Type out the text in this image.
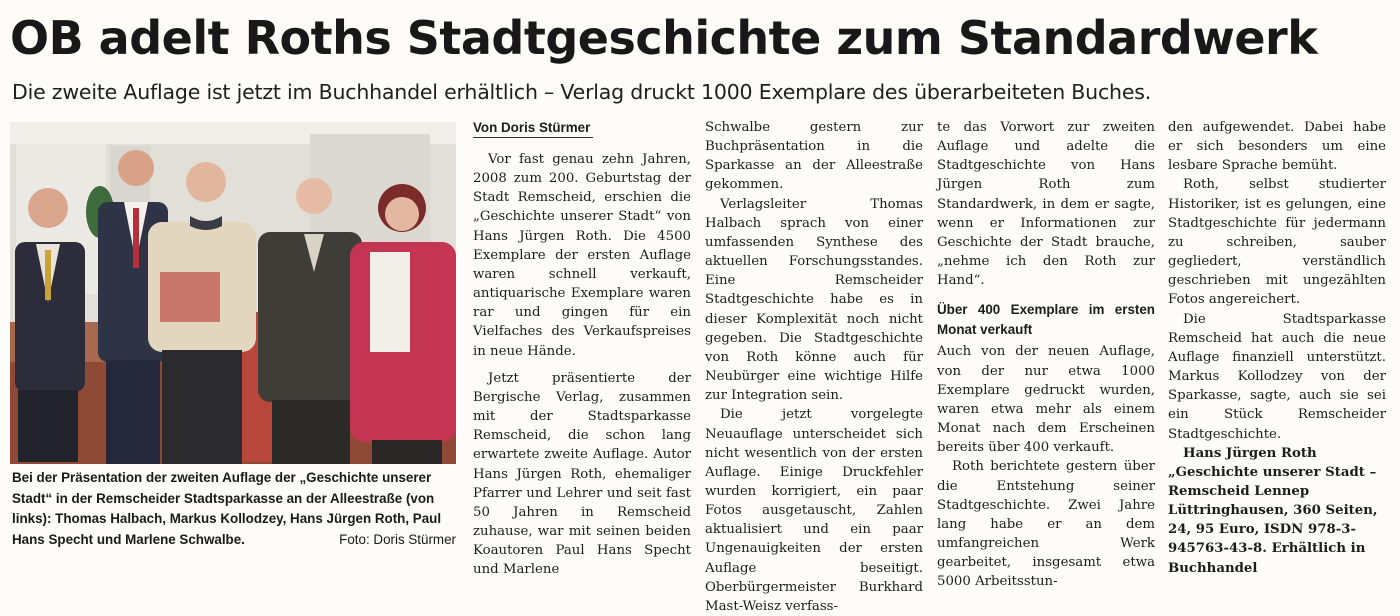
OB adelt Roths Stadtgeschichte zum Standardwerk
Die zweite Auflage ist jetzt im Buchhandel erhältlich – Verlag druckt 1000 Exemplare des überarbeiteten Buches.
Bei der Präsentation der zweiten Auflage der „Geschichte unserer Stadt“ in der Remscheider Stadtsparkasse an der Alleestraße (von links): Thomas Halbach, Markus Kollodzey, Hans Jürgen Roth, Paul Hans Specht und Marlene Schwalbe.	Foto: Doris Stürmer
Von Doris Stürmer

Vor fast genau zehn Jahren, 2008 zum 200. Geburtstag der Stadt Remscheid, erschien die „Geschichte unserer Stadt“ von Hans Jürgen Roth. Die 4500 Exemplare der ersten Auflage waren schnell verkauft, antiquarische Exemplare waren rar und gingen für ein Vielfaches des Verkaufspreises in neue Hände.

Jetzt präsentierte der Bergische Verlag, zusammen mit der Stadtsparkasse Remscheid, die schon lang erwartete zweite Auflage. Autor Hans Jürgen Roth, ehemaliger Pfarrer und Lehrer und seit fast 50 Jahren in Remscheid zuhause, war mit seinen beiden Koautoren Paul Hans Specht und Marlene

Schwalbe gestern zur Buchpräsentation in die Sparkasse an der Alleestraße gekommen.

Verlagsleiter Thomas Halbach sprach von einer umfassenden Synthese des aktuellen Forschungsstandes. Eine Remscheider Stadtgeschichte habe es in dieser Komplexität noch nicht gegeben. Die Stadtgeschichte von Roth könne auch für Neubürger eine wichtige Hilfe zur Integration sein.

Die jetzt vorgelegte Neuauflage unterscheidet sich nicht wesentlich von der ersten Auflage. Einige Druckfehler wurden korrigiert, ein paar Fotos ausgetauscht, Zahlen aktualisiert und ein paar Ungenauigkeiten der ersten Auflage beseitigt. Oberbürgermeister Burkhard Mast-Weisz verfass-

te das Vorwort zur zweiten Auflage und adelte die Stadtgeschichte von Hans Jürgen Roth zum Standardwerk, in dem er sagte, wenn er Informationen zur Geschichte der Stadt brauche, „nehme ich den Roth zur Hand“.

Über 400 Exemplare im ersten Monat verkauft

Auch von der neuen Auflage, von der nur etwa 1000 Exemplare gedruckt wurden, waren etwa mehr als einem Monat nach dem Erscheinen bereits über 400 verkauft.

Roth berichtete gestern über die Entstehung seiner Stadtgeschichte. Zwei Jahre lang habe er an dem umfangreichen Werk gearbeitet, insgesamt etwa 5000 Arbeitsstun-

den aufgewendet. Dabei habe er sich besonders um eine lesbare Sprache bemüht.

Roth, selbst studierter Historiker, ist es gelungen, eine Stadtgeschichte für jedermann zu schreiben, sauber gegliedert, verständlich geschrieben mit ungezählten Fotos angereichert.

Die Stadtsparkasse Remscheid hat auch die neue Auflage finanziell unterstützt. Markus Kollodzey von der Sparkasse, sagte, auch sie sei ein Stück Remscheider Stadtgeschichte.

Hans Jürgen Roth „Geschichte unserer Stadt – Remscheid Lennep Lüttringhausen, 360 Seiten, 24, 95 Euro, ISDN 978-3-945763-43-8. Erhältlich in Buchhandel
